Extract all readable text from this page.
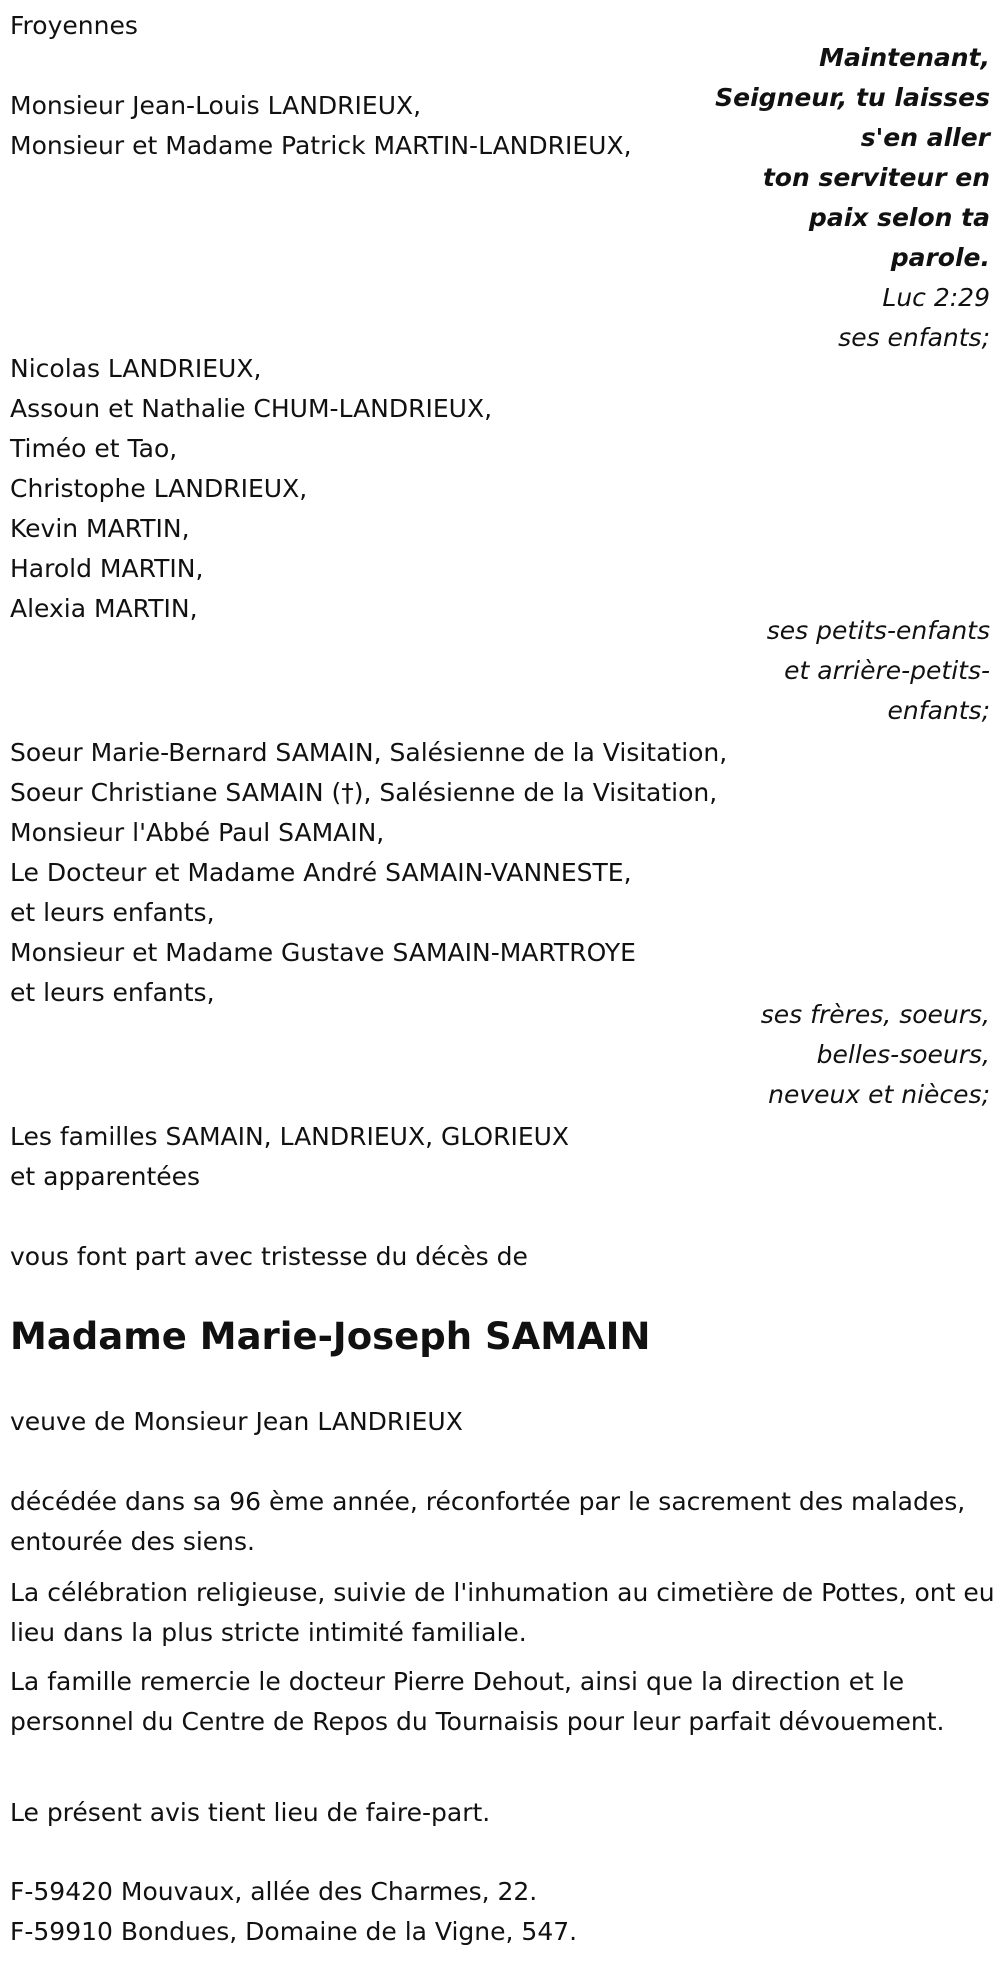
Froyennes
Monsieur Jean-Louis LANDRIEUX,
Monsieur et Madame Patrick MARTIN-LANDRIEUX,
Maintenant,
Seigneur, tu laisses
s'en aller
ton serviteur en
paix selon ta
parole.
Luc 2:29
ses enfants;
Nicolas LANDRIEUX,
Assoun et Nathalie CHUM-LANDRIEUX,
Timéo et Tao,
Christophe LANDRIEUX,
Kevin MARTIN,
Harold MARTIN,
Alexia MARTIN,
ses petits-enfants
et arrière-petits-
enfants;
Soeur Marie-Bernard SAMAIN, Salésienne de la Visitation,
Soeur Christiane SAMAIN (†), Salésienne de la Visitation,
Monsieur l'Abbé Paul SAMAIN,
Le Docteur et Madame André SAMAIN-VANNESTE,
et leurs enfants,
Monsieur et Madame Gustave SAMAIN-MARTROYE
et leurs enfants,
ses frères, soeurs,
belles-soeurs,
neveux et nièces;
Les familles SAMAIN, LANDRIEUX, GLORIEUX
et apparentées
vous font part avec tristesse du décès de
Madame Marie-Joseph SAMAIN
veuve de Monsieur Jean LANDRIEUX
décédée dans sa 96 ème année, réconfortée par le sacrement des malades, entourée des siens.
La célébration religieuse, suivie de l'inhumation au cimetière de Pottes, ont eu lieu dans la plus stricte intimité familiale.
La famille remercie le docteur Pierre Dehout, ainsi que la direction et le personnel du Centre de Repos du Tournaisis pour leur parfait dévouement.
Le présent avis tient lieu de faire-part.
F-59420 Mouvaux, allée des Charmes, 22.
F-59910 Bondues, Domaine de la Vigne, 547.
